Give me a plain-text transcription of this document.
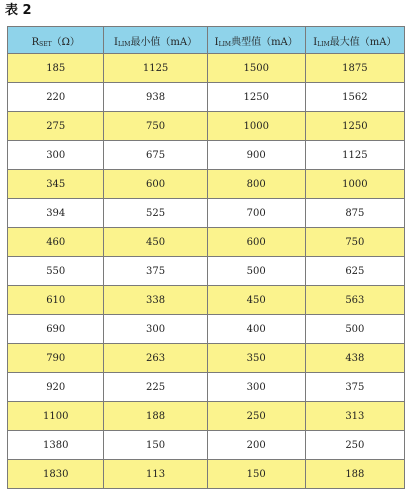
表 2
RSET（Ω）	ILIM最小值（mA）	ILIM典型值（mA）	ILIM最大值（mA）
185	1125	1500	1875
220	938	1250	1562
275	750	1000	1250
300	675	900	1125
345	600	800	1000
394	525	700	875
460	450	600	750
550	375	500	625
610	338	450	563
690	300	400	500
790	263	350	438
920	225	300	375
1100	188	250	313
1380	150	200	250
1830	113	150	188
